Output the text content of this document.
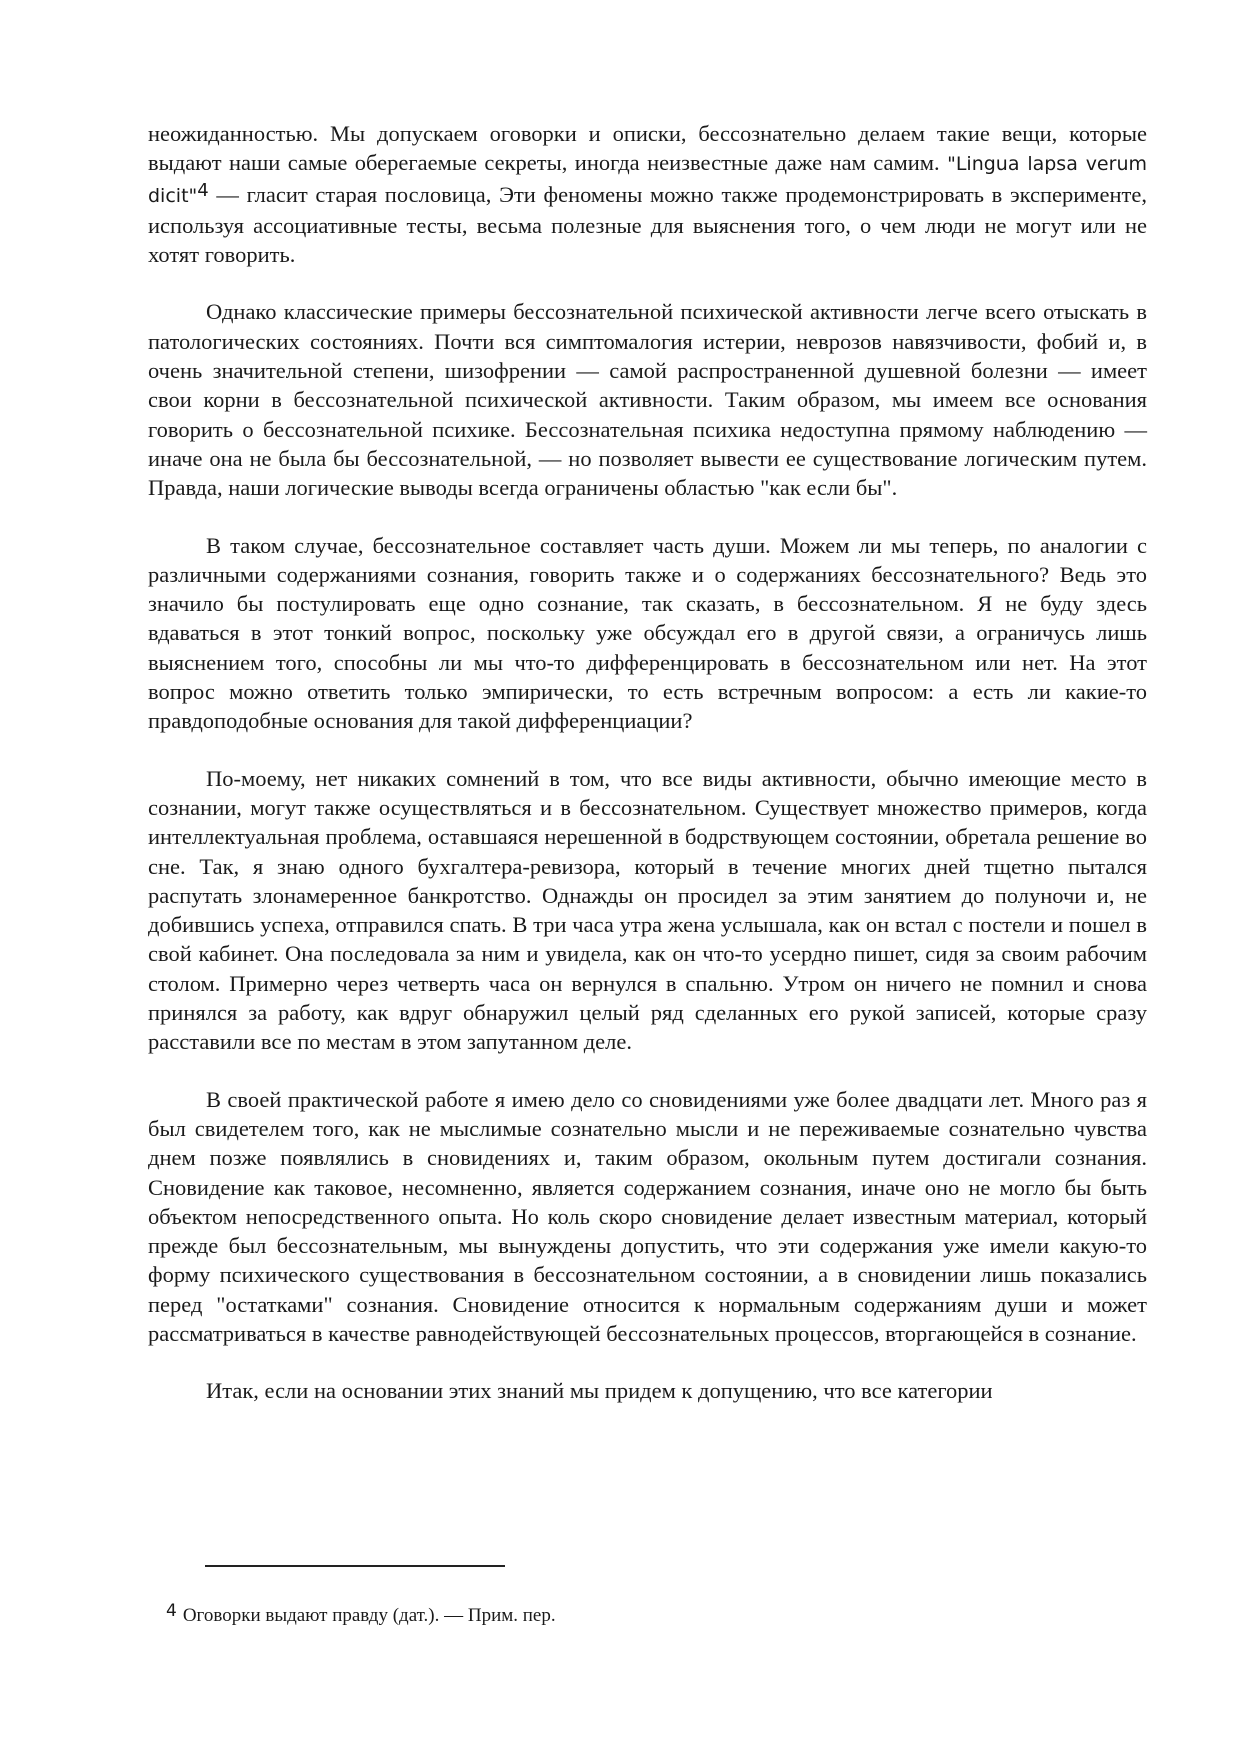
неожиданностью. Мы допускаем оговорки и описки, бессознательно делаем такие вещи, которые выдают наши самые оберегаемые секреты, иногда неизвестные даже нам самим. "Lingua lapsa verum dicit"$^4$ — гласит старая пословица, Эти феномены можно также продемонстрировать в эксперименте, используя ассоциативные тесты, весьма полезные для выяснения того, о чем люди не могут или не хотят говорить.

Однако классические примеры бессознательной психической активности легче всего отыскать в патологических состояниях. Почти вся симптомалогия истерии, неврозов навязчивости, фобий и, в очень значительной степени, шизофрении — самой распространенной душевной болезни — имеет свои корни в бессознательной психической активности. Таким образом, мы имеем все основания говорить о бессознательной психике. Бессознательная психика недоступна прямому наблюдению — иначе она не была бы бессознательной, — но позволяет вывести ее существование логическим путем. Правда, наши логические выводы всегда ограничены областью "как если бы".

В таком случае, бессознательное составляет часть души. Можем ли мы теперь, по аналогии с различными содержаниями сознания, говорить также и о содержаниях бессознательного? Ведь это значило бы постулировать еще одно сознание, так сказать, в бессознательном. Я не буду здесь вдаваться в этот тонкий вопрос, поскольку уже обсуждал его в другой связи, а ограничусь лишь выяснением того, способны ли мы что-то дифференцировать в бессознательном или нет. На этот вопрос можно ответить только эмпирически, то есть встречным вопросом: а есть ли какие-то правдоподобные основания для такой дифференциации?

По-моему, нет никаких сомнений в том, что все виды активности, обычно имеющие место в сознании, могут также осуществляться и в бессознательном. Существует множество примеров, когда интеллектуальная проблема, оставшаяся нерешенной в бодрствующем состоянии, обретала решение во сне. Так, я знаю одного бухгалтера-ревизора, который в течение многих дней тщетно пытался распутать злонамеренное банкротство. Однажды он просидел за этим занятием до полуночи и, не добившись успеха, отправился спать. В три часа утра жена услышала, как он встал с постели и пошел в свой кабинет. Она последовала за ним и увидела, как он что-то усердно пишет, сидя за своим рабочим столом. Примерно через четверть часа он вернулся в спальню. Утром он ничего не помнил и снова принялся за работу, как вдруг обнаружил целый ряд сделанных его рукой записей, которые сразу расставили все по местам в этом запутанном деле.

В своей практической работе я имею дело со сновидениями уже более двадцати лет. Много раз я был свидетелем того, как не мыслимые сознательно мысли и не переживаемые сознательно чувства днем позже появлялись в сновидениях и, таким образом, окольным путем достигали сознания. Сновидение как таковое, несомненно, является содержанием сознания, иначе оно не могло бы быть объектом непосредственного опыта. Но коль скоро сновидение делает известным материал, который прежде был бессознательным, мы вынуждены допустить, что эти содержания уже имели какую-то форму психического существования в бессознательном состоянии, а в сновидении лишь показались перед "остатками" сознания. Сновидение относится к нормальным содержаниям души и может рассматриваться в качестве равнодействующей бессознательных процессов, вторгающейся в сознание.

Итак, если на основании этих знаний мы придем к допущению, что все категории

4 Оговорки выдают правду (дат.). — Прим. пер.
